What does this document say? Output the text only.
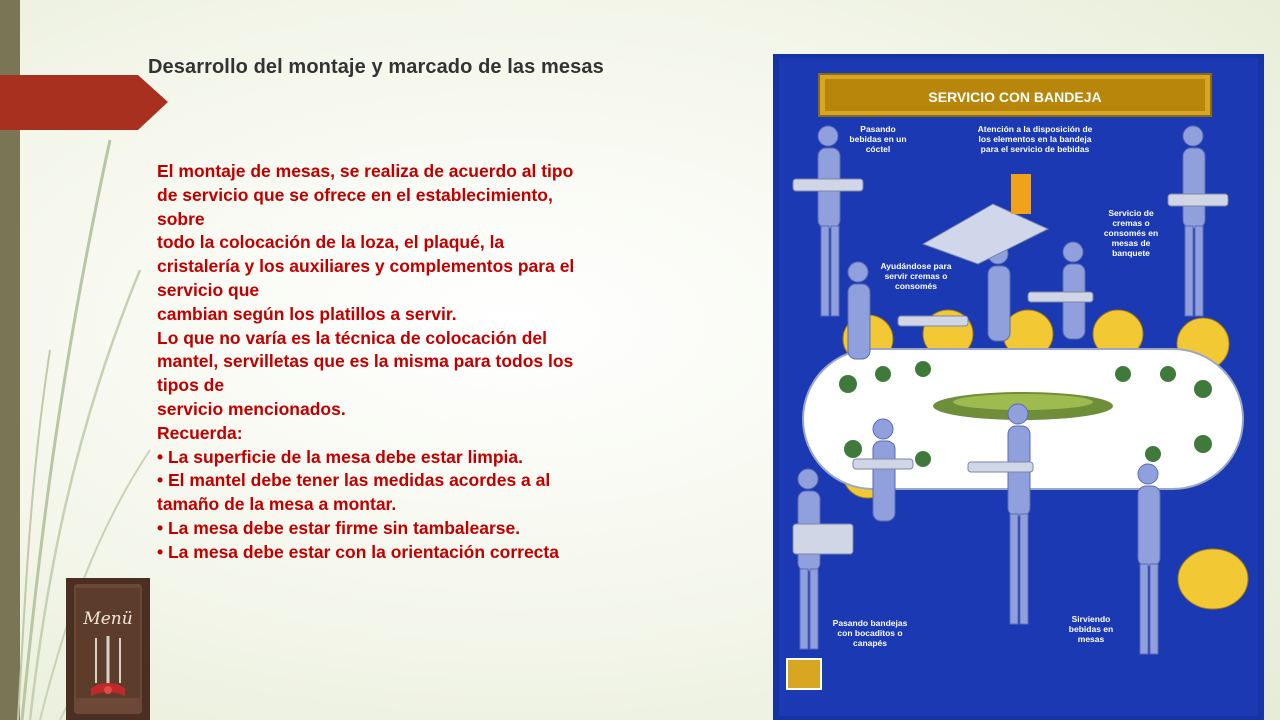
Desarrollo del montaje y marcado de las mesas

El montaje de mesas, se realiza de acuerdo al tipo

de servicio que se ofrece en el establecimiento,

sobre

todo la colocación de la loza, el plaqué, la

cristalería y los auxiliares y complementos para el

servicio que

cambian según los platillos a servir.

Lo que no varía es la técnica de colocación del

mantel, servilletas que es la misma para todos los

tipos de

servicio mencionados.

Recuerda:

• La superficie de la mesa debe estar limpia.

• El mantel debe tener las medidas acordes a al

tamaño de la mesa a montar.

• La mesa debe estar firme sin tambalearse.

• La mesa debe estar con la orientación correcta

Menü
SERVICIO CON BANDEJA
Pasando bebidas en un cóctel
Atención a la disposición de los elementos en la bandeja para el servicio de bebidas
Servicio de cremas o consomés en mesas de banquete
Ayudándose para servir cremas o consomés
Pasando bandejas con bocaditos o canapés
Sirviendo bebidas en mesas
